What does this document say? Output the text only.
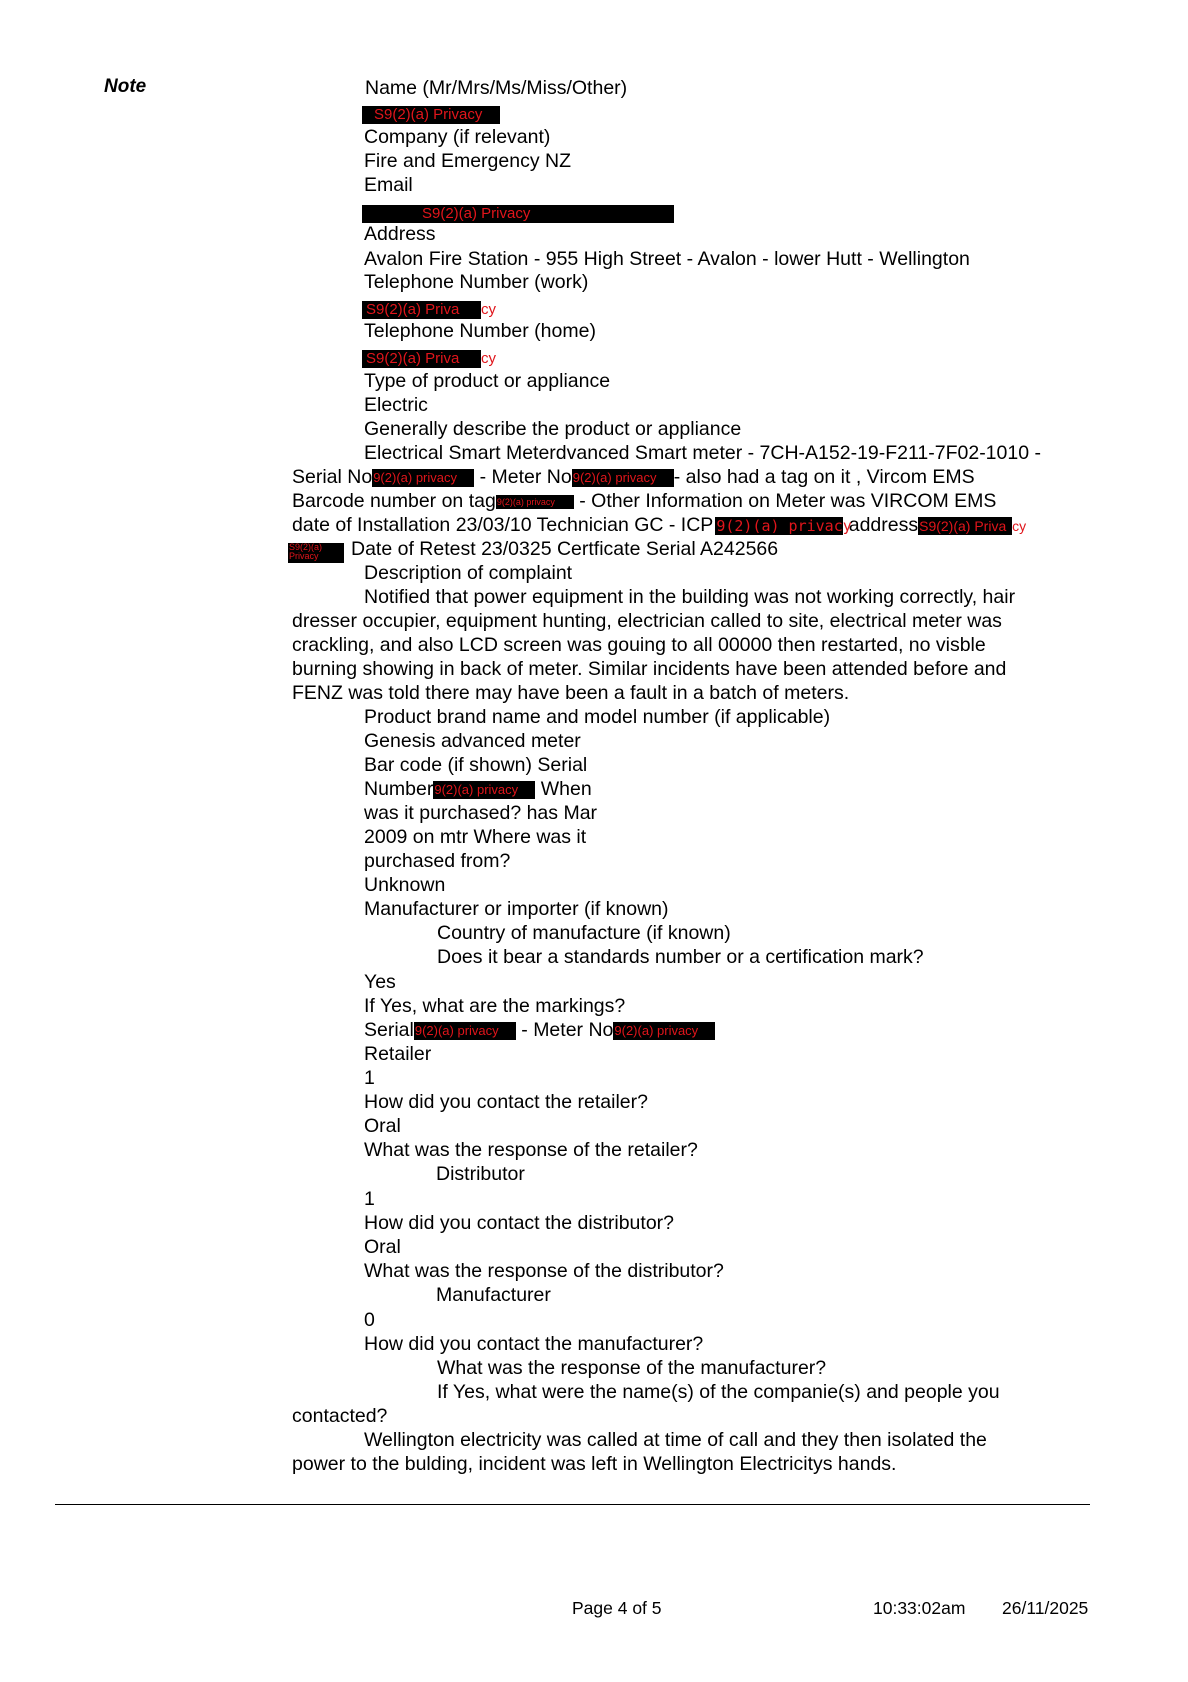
Note	Name (Mr/Mrs/Ms/Miss/Other)
S9(2)(a) Privacy
Company (if relevant)
Fire and Emergency NZ
Email
S9(2)(a) Privacy
Address
Avalon Fire Station - 955 High Street - Avalon - lower Hutt - Wellington
Telephone Number (work)
S9(2)(a) Priva cy
Telephone Number (home)
S9(2)(a) Priva cy
Type of product or appliance
Electric
Generally describe the product or appliance
Electrical Smart Meterdvanced Smart meter - 7CH-A152-19-F211-7F02-1010 -
Serial No9(2)(a) privacy - Meter No9(2)(a) privacy - also had a tag on it , Vircom EMS
Barcode number on tag9(2)(a) privacy - Other Information on Meter was VIRCOM EMS
date of Installation 23/03/10 Technician GC - ICP 9(2)(a) privacy addressS9(2)(a) Priva cy
S9(2)(a) Privacy	Date of Retest 23/0325 Certficate Serial A242566
Description of complaint
Notified that power equipment in the building was not working correctly, hair
dresser occupier, equipment hunting, electrician called to site, electrical meter was
crackling, and also LCD screen was gouing to all 00000 then restarted, no visble
burning showing in back of meter. Similar incidents have been attended before and
FENZ was told there may have been a fault in a batch of meters.
Product brand name and model number (if applicable)
Genesis advanced meter
Bar code (if shown) Serial
Number9(2)(a) privacy When
was it purchased? has Mar
2009 on mtr Where was it
purchased from?
Unknown
Manufacturer or importer (if known)
Country of manufacture (if known)
Does it bear a standards number or a certification mark?
Yes
If Yes, what are the markings?
Serial9(2)(a) privacy - Meter No9(2)(a) privacy
Retailer
1
How did you contact the retailer?
Oral
What was the response of the retailer?
Distributor
1
How did you contact the distributor?
Oral
What was the response of the distributor?
Manufacturer
0
How did you contact the manufacturer?
What was the response of the manufacturer?
If Yes, what were the name(s) of the companie(s) and people you
contacted?
Wellington electricity was called at time of call and they then isolated the
power to the bulding, incident was left in Wellington Electricitys hands.
Page 4 of 5	10:33:02am 26/11/2025
